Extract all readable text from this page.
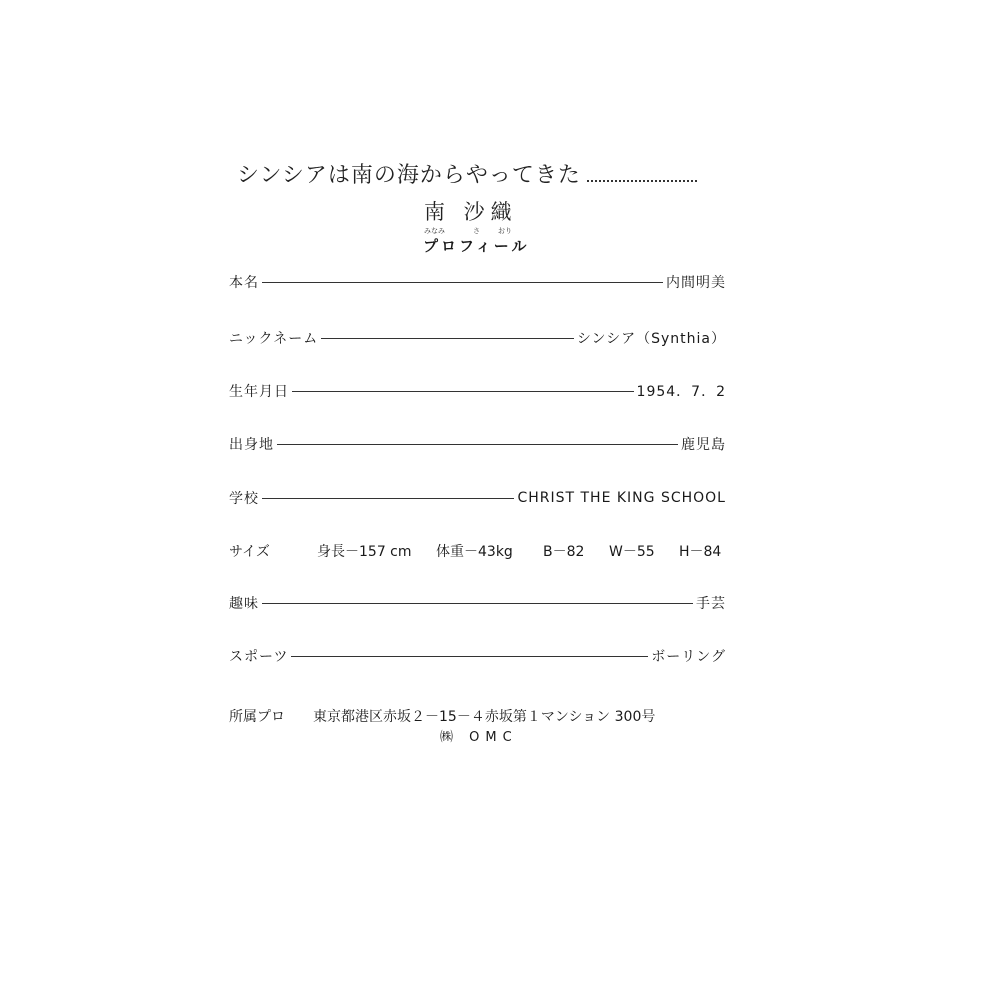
シンシアは南の海からやってきた
南 沙織
みなみ	さ	おり
プロフィール
本名	内間明美
ニックネーム	シンシア（Synthia）
生年月日	1954．7．2
出身地	鹿児島
学校	CHRIST THE KING SCHOOL
サイズ	身長－157 cm 体重－43kg B－82 W－55 H－84
趣味	手芸
スポーツ	ボーリング
所属プロ 東京都港区赤坂２－15－４赤坂第１マンション 300号
㈱ OMC
